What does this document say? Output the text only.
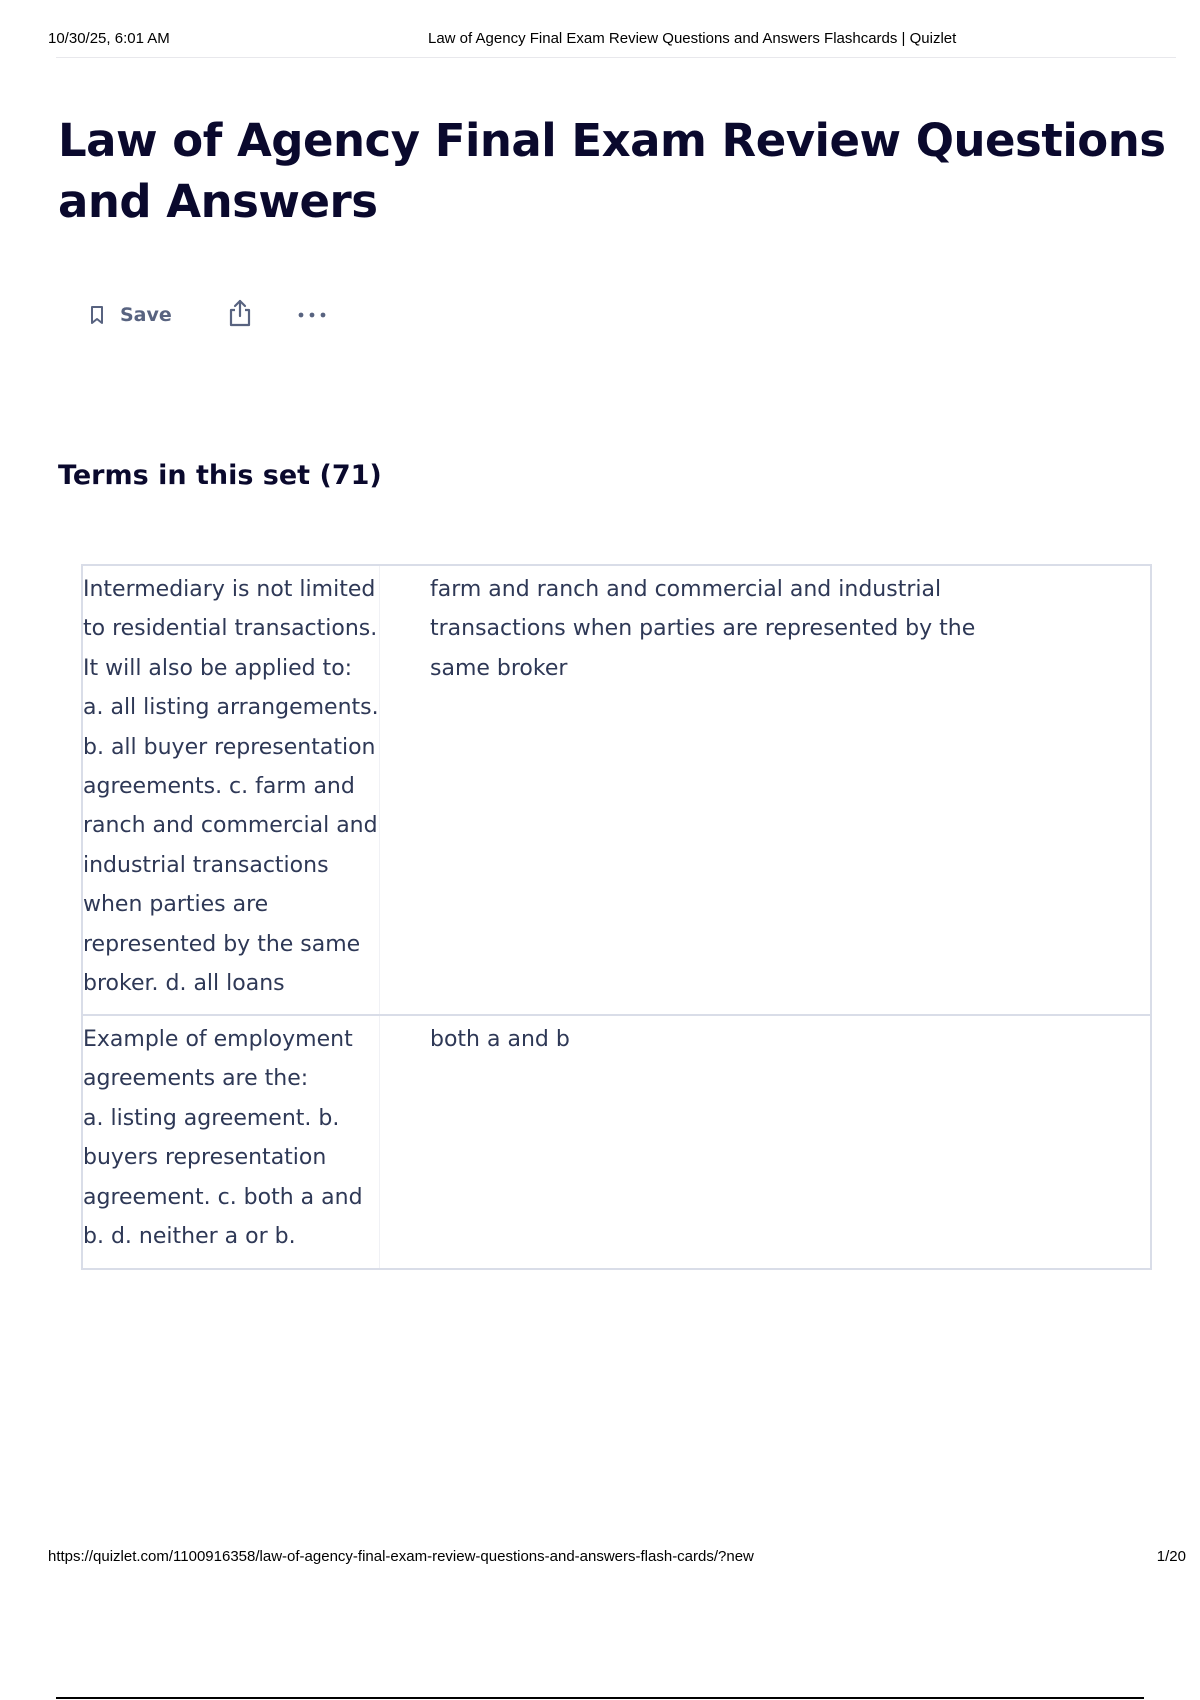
10/30/25, 6:01 AM	Law of Agency Final Exam Review Questions and Answers Flashcards | Quizlet
Law of Agency Final Exam Review Questions and Answers
Save
Terms in this set (71)
Intermediary is not limited
to residential transactions.
It will also be applied to:
a. all listing arrangements.
b. all buyer representation
agreements. c. farm and
ranch and commercial and
industrial transactions
when parties are
represented by the same
broker. d. all loans
farm and ranch and commercial and industrial
transactions when parties are represented by the
same broker
Example of employment
agreements are the:
a. listing agreement. b.
buyers representation
agreement. c. both a and
b. d. neither a or b.
both a and b
https://quizlet.com/1100916358/law-of-agency-final-exam-review-questions-and-answers-flash-cards/?new	1/20
